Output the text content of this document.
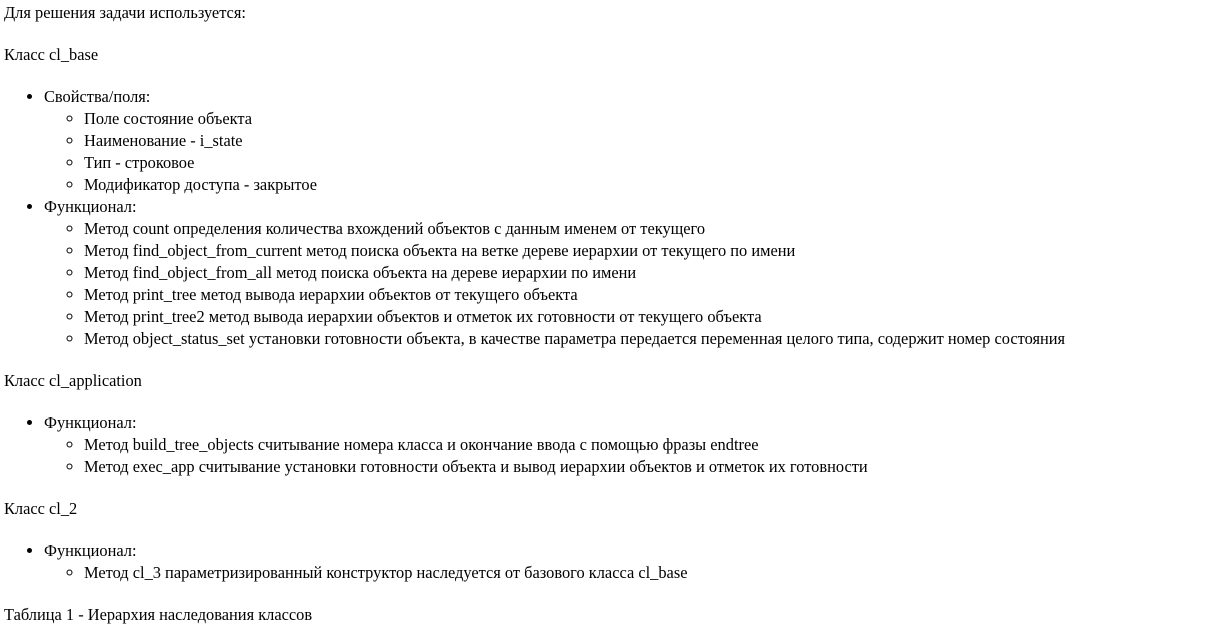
Для решения задачи используется:

Класс cl_base

• Свойства/поля:
◦ Поле состояние объекта
◦ Наименование - i_state
◦ Тип - строковое
◦ Модификатор доступа - закрытое
• Функционал:
◦ Метод count определения количества вхождений объектов с данным именем от текущего
◦ Метод find_object_from_current метод поиска объекта на ветке дереве иерархии от текущего по имени
◦ Метод find_object_from_all метод поиска объекта на дереве иерархии по имени
◦ Метод print_tree метод вывода иерархии объектов от текущего объекта
◦ Метод print_tree2 метод вывода иерархии объектов и отметок их готовности от текущего объекта
◦ Метод object_status_set установки готовности объекта, в качестве параметра передается переменная целого типа, содержит номер состояния

Класс cl_application

• Функционал:
◦ Метод build_tree_objects считывание номера класса и окончание ввода с помощью фразы endtree
◦ Метод exec_app считывание установки готовности объекта и вывод иерархии объектов и отметок их готовности

Класс cl_2

• Функционал:
◦ Метод cl_3 параметризированный конструктор наследуется от базового класса cl_base

Таблица 1 - Иерархия наследования классов
